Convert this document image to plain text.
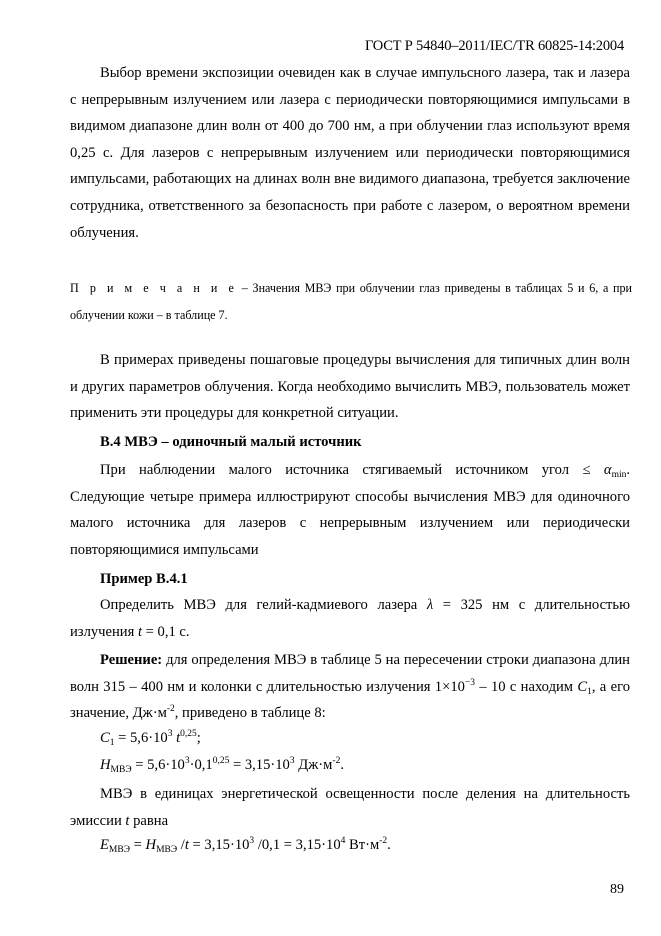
ГОСТ Р 54840–2011/IEC/TR 60825-14:2004

Выбор времени экспозиции очевиден как в случае импульсного лазера, так и лазера с непрерывным излучением или лазера с периодически повторяющимися импульсами в видимом диапазоне длин волн от 400 до 700 нм, а при облучении глаз используют время 0,25 с. Для лазеров с непрерывным излучением или периодически повторяющимися импульсами, работающих на длинах волн вне видимого диапазона, требуется заключение сотрудника, ответственного за безопасность при работе с лазером, о вероятном времени облучения.

П р и м е ч а н и е – Значения МВЭ при облучении глаз приведены в таблицах 5 и 6, а при облучении кожи – в таблице 7.

В примерах приведены пошаговые процедуры вычисления для типичных длин волн и других параметров облучения. Когда необходимо вычислить МВЭ, пользователь может применить эти процедуры для конкретной ситуации.

В.4 МВЭ – одиночный малый источник

При наблюдении малого источника стягиваемый источником угол ≤ $\alpha_{min}$. Следующие четыре примера иллюстрируют способы вычисления МВЭ для одиночного малого источника для лазеров с непрерывным излучением или периодически повторяющимися импульсами

Пример В.4.1

Определить МВЭ для гелий-кадмиевого лазера λ = 325 нм с длительностью излучения t = 0,1 с.

Решение: для определения МВЭ в таблице 5 на пересечении строки диапазона длин волн 315 – 400 нм и колонки с длительностью излучения $1\times 10^{-3} - 10$ с находим $C_1$, а его значение, $Дж\cdot м^{-2}$, приведено в таблице 8:

$C_1 = 5,6\cdot 10^3$ $t^{0,25}$;
$H_{МВЭ} = 5,6\cdot 10^3\cdot 0,1^{0,25} = 3,15\cdot 10^3$ $Дж\cdot м^{-2}$.

МВЭ в единицах энергетической освещенности после деления на длительность эмиссии t равна

$E_{МВЭ} = H_{МВЭ}$ $/t = 3,15\cdot 10^3$ $/0,1 = 3,15\cdot 10^4$ $Вт\cdot м^{-2}$.
89
